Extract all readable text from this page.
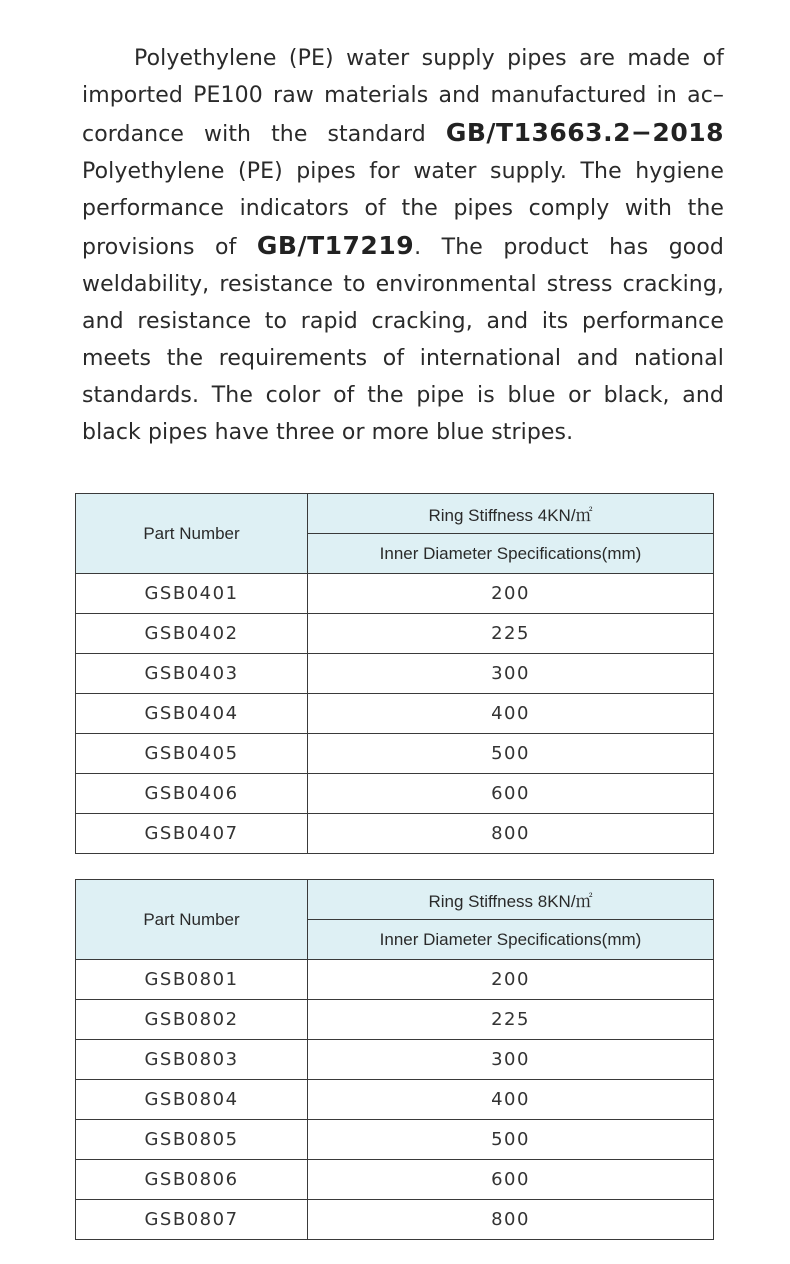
Polyethylene (PE) water supply pipes are made of imported PE100 raw materials and manufactured in ac–cordance with the standard GB/T13663.2−2018 Polyethylene (PE) pipes for water supply. The hygiene performance indicators of the pipes comply with the provisions of GB/T17219. The product has good weldability, resistance to environmental stress cracking, and resistance to rapid cracking, and its performance meets the requirements of international and national standards. The color of the pipe is blue or black, and black pipes have three or more blue stripes.

Part Number	Ring Stiffness 4KN/㎡
	Inner Diameter Specifications(mm)
GSB0401	200
GSB0402	225
GSB0403	300
GSB0404	400
GSB0405	500
GSB0406	600
GSB0407	800
Part Number	Ring Stiffness 8KN/㎡
	Inner Diameter Specifications(mm)
GSB0801	200
GSB0802	225
GSB0803	300
GSB0804	400
GSB0805	500
GSB0806	600
GSB0807	800
